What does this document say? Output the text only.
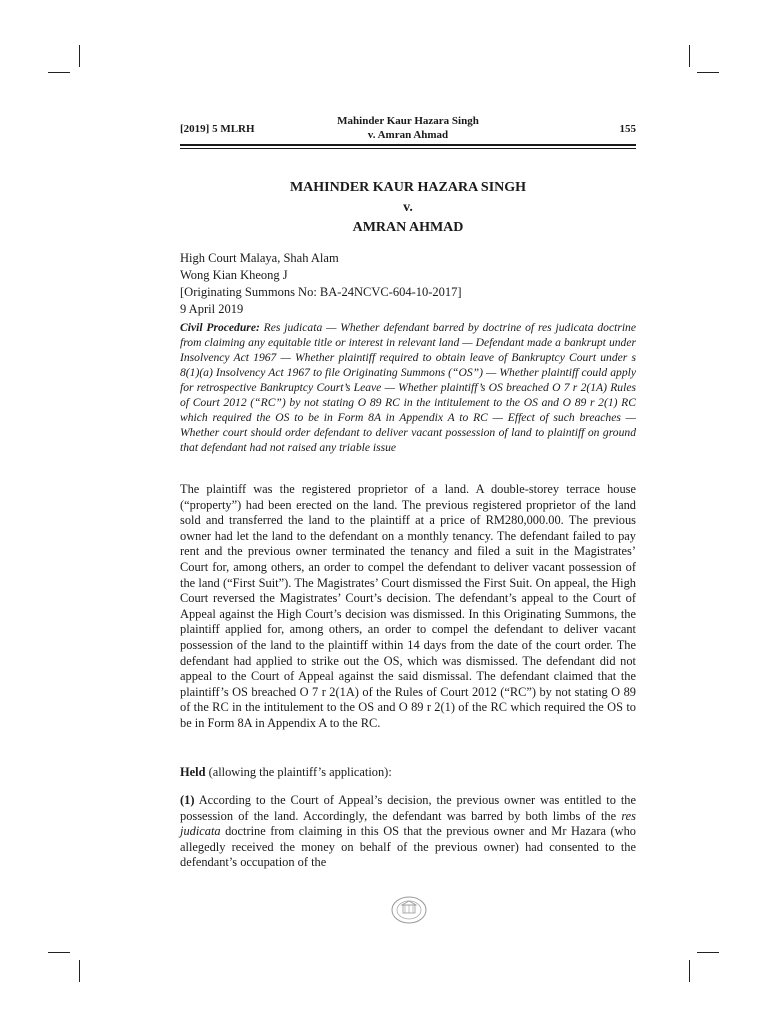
[2019] 5 MLRH
Mahinder Kaur Hazara Singh
v. Amran Ahmad	155
MAHINDER KAUR HAZARA SINGH
v.
AMRAN AHMAD
High Court Malaya, Shah Alam
Wong Kian Kheong J
[Originating Summons No: BA-24NCVC-604-10-2017]
9 April 2019
Civil Procedure: Res judicata — Whether defendant barred by doctrine of res judicata doctrine from claiming any equitable title or interest in relevant land — Defendant made a bankrupt under Insolvency Act 1967 — Whether plaintiff required to obtain leave of Bankruptcy Court under s 8(1)(a) Insolvency Act 1967 to file Originating Summons (“OS”) — Whether plaintiff could apply for retrospective Bankruptcy Court’s Leave — Whether plaintiff’s OS breached O 7 r 2(1A) Rules of Court 2012 (“RC”) by not stating O 89 RC in the intitulement to the OS and O 89 r 2(1) RC which required the OS to be in Form 8A in Appendix A to RC — Effect of such breaches — Whether court should order defendant to deliver vacant possession of land to plaintiff on ground that defendant had not raised any triable issue
The plaintiff was the registered proprietor of a land. A double-storey terrace house (“property”) had been erected on the land. The previous registered proprietor of the land sold and transferred the land to the plaintiff at a price of RM280,000.00. The previous owner had let the land to the defendant on a monthly tenancy. The defendant failed to pay rent and the previous owner terminated the tenancy and filed a suit in the Magistrates’ Court for, among others, an order to compel the defendant to deliver vacant possession of the land (“First Suit”). The Magistrates’ Court dismissed the First Suit. On appeal, the High Court reversed the Magistrates’ Court’s decision. The defendant’s appeal to the Court of Appeal against the High Court’s decision was dismissed. In this Originating Summons, the plaintiff applied for, among others, an order to compel the defendant to deliver vacant possession of the land to the plaintiff within 14 days from the date of the court order. The defendant had applied to strike out the OS, which was dismissed. The defendant did not appeal to the Court of Appeal against the said dismissal. The defendant claimed that the plaintiff’s OS breached O 7 r 2(1A) of the Rules of Court 2012 (“RC”) by not stating O 89 of the RC in the intitulement to the OS and O 89 r 2(1) of the RC which required the OS to be in Form 8A in Appendix A to the RC.
Held (allowing the plaintiff’s application):
(1) According to the Court of Appeal’s decision, the previous owner was entitled to the possession of the land. Accordingly, the defendant was barred by both limbs of the res judicata doctrine from claiming in this OS that the previous owner and Mr Hazara (who allegedly received the money on behalf of the previous owner) had consented to the defendant’s occupation of the
